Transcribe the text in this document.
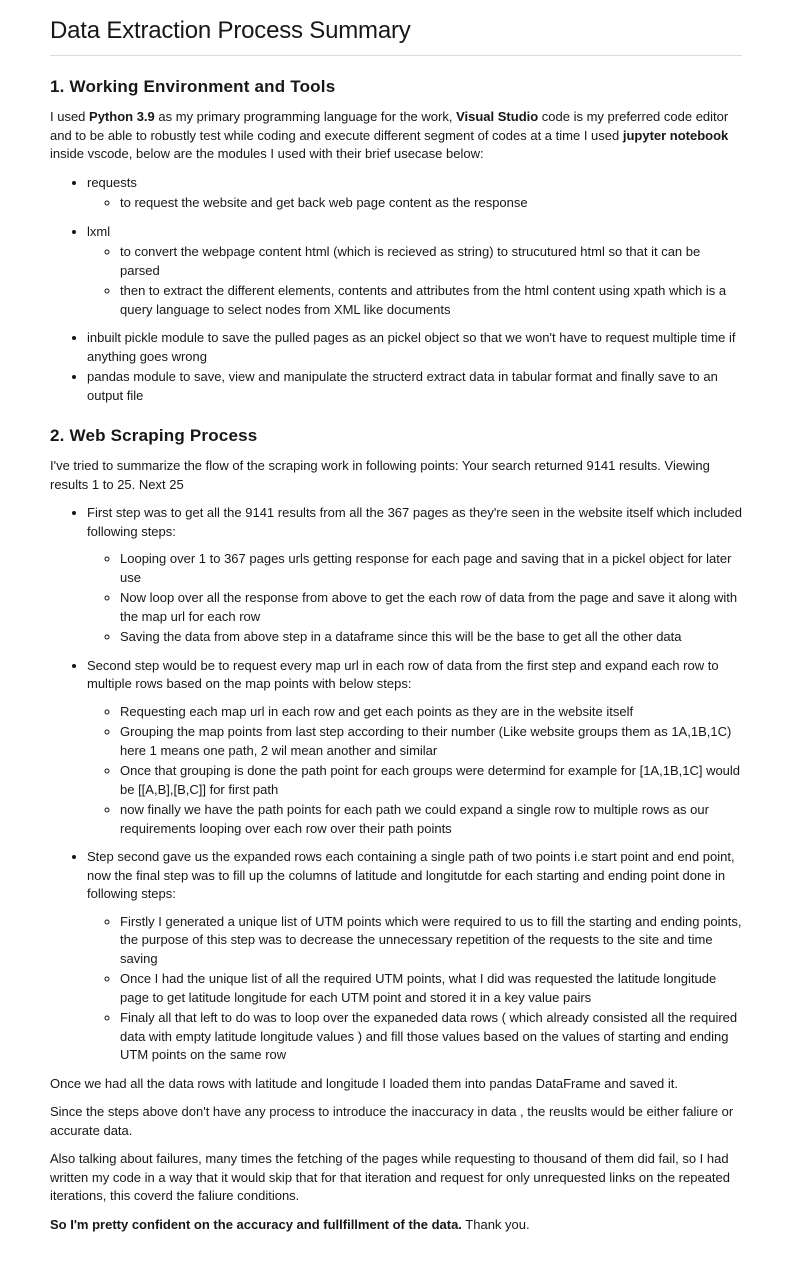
Data Extraction Process Summary
1. Working Environment and Tools

I used Python 3.9 as my primary programming language for the work, Visual Studio code is my preferred code editor and to be able to robustly test while coding and execute different segment of codes at a time I used jupyter notebook inside vscode, below are the modules I used with their brief usecase below:

• requests
◦ to request the website and get back web page content as the response
• lxml
◦ to convert the webpage content html (which is recieved as string) to strucutured html so that it can be parsed
◦ then to extract the different elements, contents and attributes from the html content using xpath which is a query language to select nodes from XML like documents
• inbuilt pickle module to save the pulled pages as an pickel object so that we won't have to request multiple time if anything goes wrong
• pandas module to save, view and manipulate the structerd extract data in tabular format and finally save to an output file
2. Web Scraping Process

I've tried to summarize the flow of the scraping work in following points: Your search returned 9141 results. Viewing results 1 to 25. Next 25

• First step was to get all the 9141 results from all the 367 pages as they're seen in the website itself which included following steps:

◦ Looping over 1 to 367 pages urls getting response for each page and saving that in a pickel object for later use
◦ Now loop over all the response from above to get the each row of data from the page and save it along with the map url for each row
◦ Saving the data from above step in a dataframe since this will be the base to get all the other data

• Second step would be to request every map url in each row of data from the first step and expand each row to multiple rows based on the map points with below steps:

◦ Requesting each map url in each row and get each points as they are in the website itself
◦ Grouping the map points from last step according to their number (Like website groups them as 1A,1B,1C) here 1 means one path, 2 wil mean another and similar
◦ Once that grouping is done the path point for each groups were determind for example for [1A,1B,1C] would be [[A,B],[B,C]] for first path
◦ now finally we have the path points for each path we could expand a single row to multiple rows as our requirements looping over each row over their path points

• Step second gave us the expanded rows each containing a single path of two points i.e start point and end point, now the final step was to fill up the columns of latitude and longitutde for each starting and ending point done in following steps:

◦ Firstly I generated a unique list of UTM points which were required to us to fill the starting and ending points, the purpose of this step was to decrease the unnecessary repetition of the requests to the site and time saving
◦ Once I had the unique list of all the required UTM points, what I did was requested the latitude longitude page to get latitude longitude for each UTM point and stored it in a key value pairs
◦ Finaly all that left to do was to loop over the expaneded data rows ( which already consisted all the required data with empty latitude longitude values ) and fill those values based on the values of starting and ending UTM points on the same row

Once we had all the data rows with latitude and longitude I loaded them into pandas DataFrame and saved it.

Since the steps above don't have any process to introduce the inaccuracy in data , the reuslts would be either faliure or accurate data.

Also talking about failures, many times the fetching of the pages while requesting to thousand of them did fail, so I had written my code in a way that it would skip that for that iteration and request for only unrequested links on the repeated iterations, this coverd the faliure conditions.

So I'm pretty confident on the accuracy and fullfillment of the data. Thank you.
